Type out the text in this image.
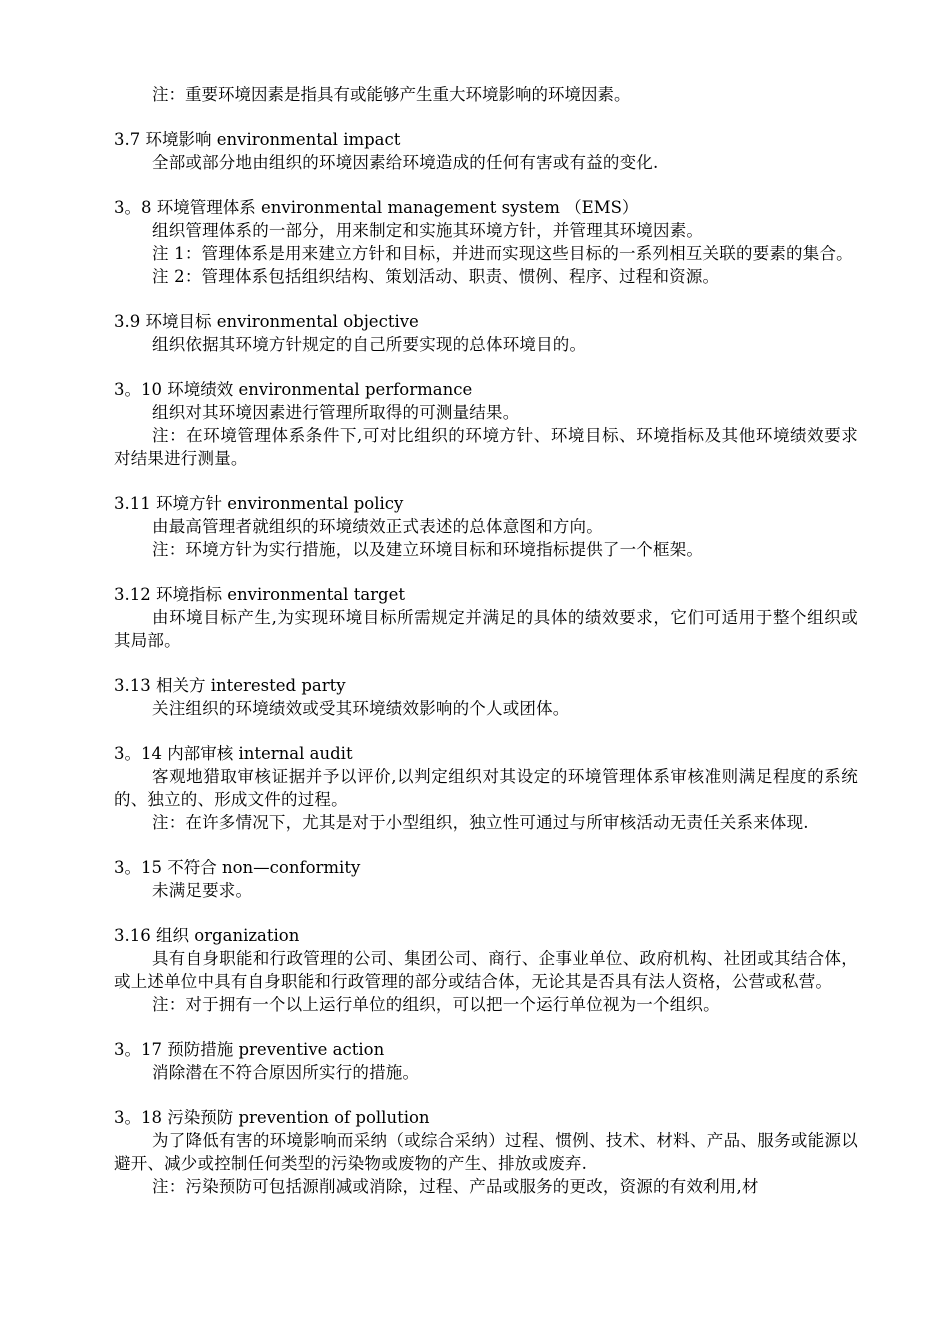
注：重要环境因素是指具有或能够产生重大环境影响的环境因素。

3.7 环境影响 environmental impact

全部或部分地由组织的环境因素给环境造成的任何有害或有益的变化.

3。8 环境管理体系 environmental management system （EMS）

组织管理体系的一部分，用来制定和实施其环境方针，并管理其环境因素。

注 1：管理体系是用来建立方针和目标，并进而实现这些目标的一系列相互关联的要素的集合。

注 2：管理体系包括组织结构、策划活动、职责、惯例、程序、过程和资源。

3.9 环境目标 environmental objective

组织依据其环境方针规定的自己所要实现的总体环境目的。

3。10 环境绩效 environmental performance

组织对其环境因素进行管理所取得的可测量结果。

注：在环境管理体系条件下,可对比组织的环境方针、环境目标、环境指标及其他环境绩效要求对结果进行测量。

3.11 环境方针 environmental policy

由最高管理者就组织的环境绩效正式表述的总体意图和方向。

注：环境方针为实行措施，以及建立环境目标和环境指标提供了一个框架。

3.12 环境指标 environmental target

由环境目标产生,为实现环境目标所需规定并满足的具体的绩效要求，它们可适用于整个组织或其局部。

3.13 相关方 interested party

关注组织的环境绩效或受其环境绩效影响的个人或团体。

3。14 内部审核 internal audit

客观地猎取审核证据并予以评价,以判定组织对其设定的环境管理体系审核准则满足程度的系统的、独立的、形成文件的过程。

注：在许多情况下，尤其是对于小型组织，独立性可通过与所审核活动无责任关系来体现.

3。15 不符合 non—conformity

未满足要求。

3.16 组织 organization

具有自身职能和行政管理的公司、集团公司、商行、企事业单位、政府机构、社团或其结合体，或上述单位中具有自身职能和行政管理的部分或结合体，无论其是否具有法人资格，公营或私营。

注：对于拥有一个以上运行单位的组织，可以把一个运行单位视为一个组织。

3。17 预防措施 preventive action

消除潜在不符合原因所实行的措施。

3。18 污染预防 prevention of pollution

为了降低有害的环境影响而采纳（或综合采纳）过程、惯例、技术、材料、产品、服务或能源以避开、减少或控制任何类型的污染物或废物的产生、排放或废弃.

注：污染预防可包括源削减或消除，过程、产品或服务的更改，资源的有效利用,材
